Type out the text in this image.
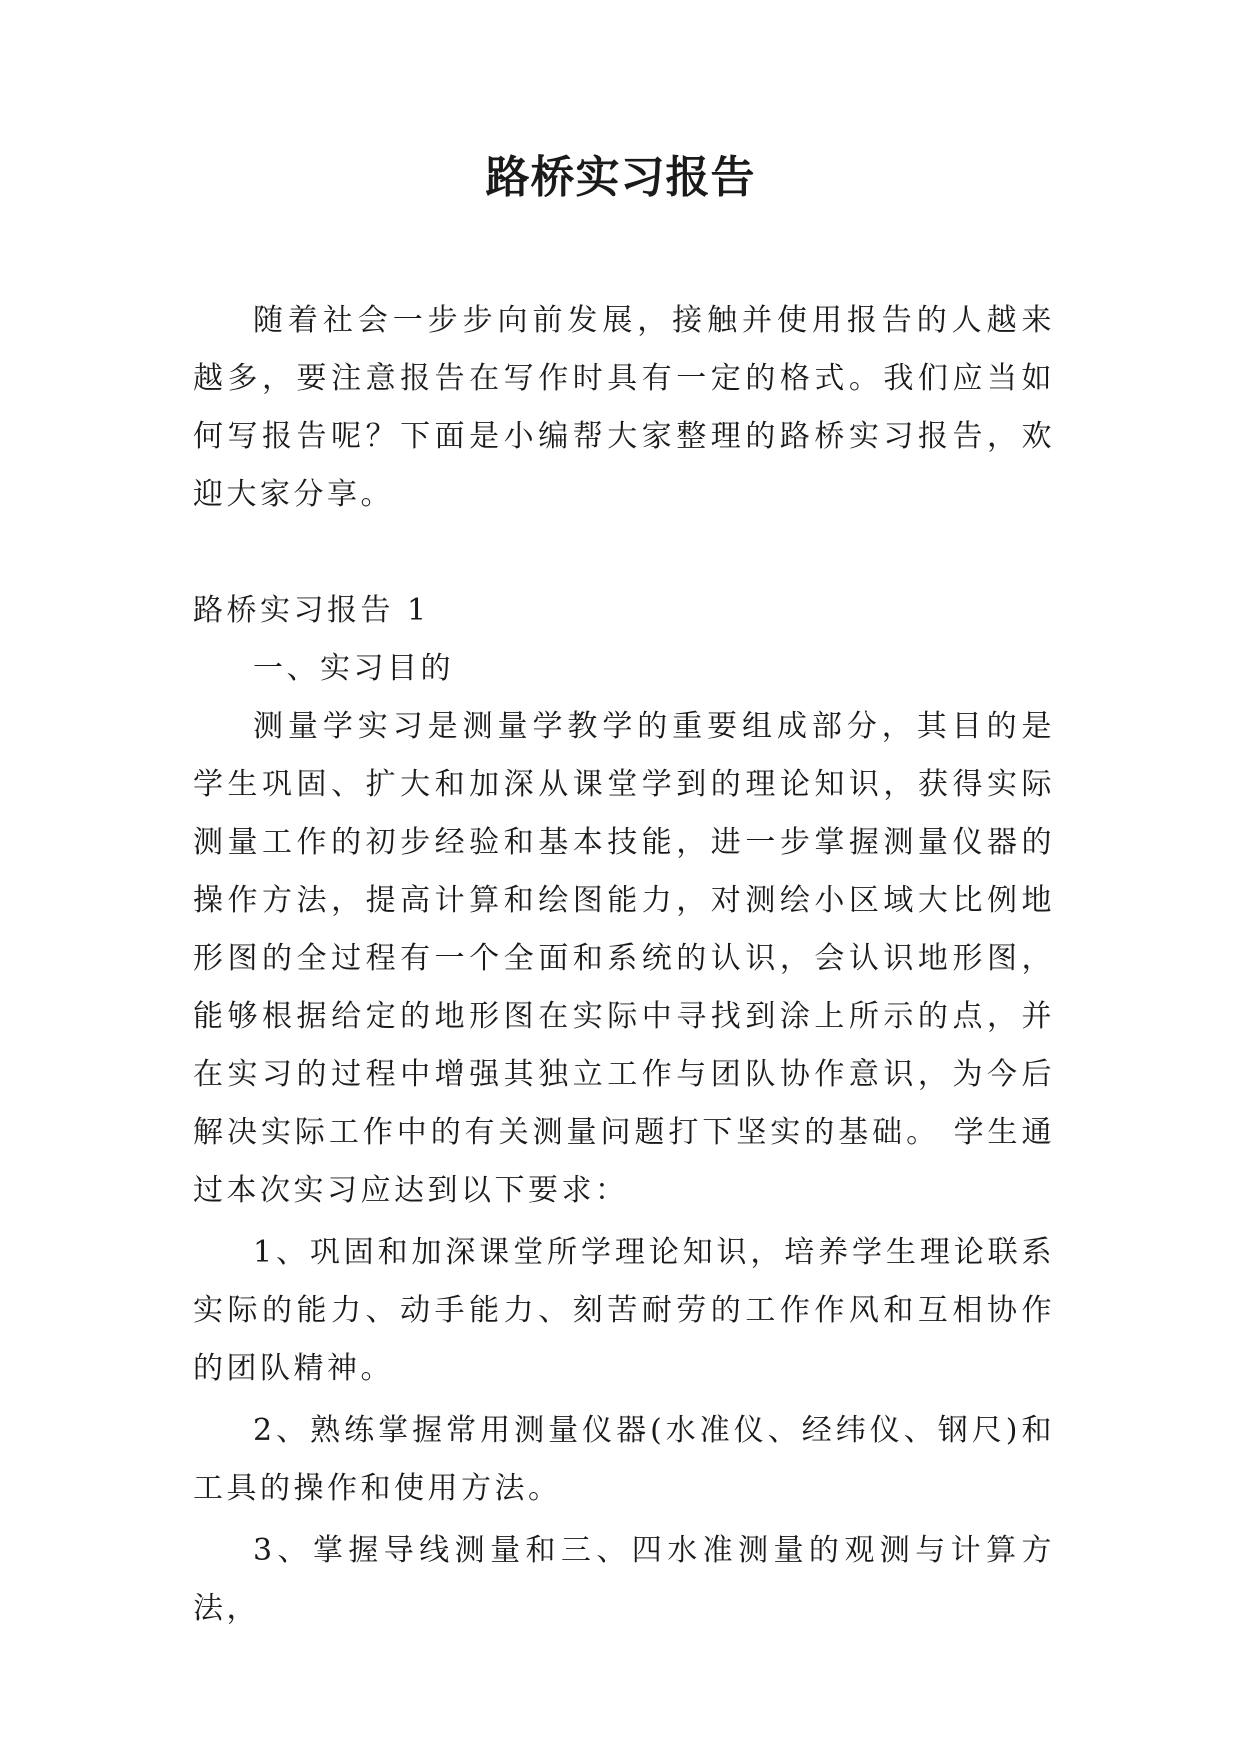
路桥实习报告

随着社会一步步向前发展，接触并使用报告的人越来越多，要注意报告在写作时具有一定的格式。我们应当如何写报告呢？下面是小编帮大家整理的路桥实习报告，欢迎大家分享。

路桥实习报告 1

一、实习目的

测量学实习是测量学教学的重要组成部分，其目的是学生巩固、扩大和加深从课堂学到的理论知识，获得实际测量工作的初步经验和基本技能，进一步掌握测量仪器的操作方法，提高计算和绘图能力，对测绘小区域大比例地形图的全过程有一个全面和系统的认识，会认识地形图，能够根据给定的地形图在实际中寻找到涂上所示的点，并在实习的过程中增强其独立工作与团队协作意识，为今后解决实际工作中的有关测量问题打下坚实的基础。 学生通过本次实习应达到以下要求：

1、巩固和加深课堂所学理论知识，培养学生理论联系实际的能力、动手能力、刻苦耐劳的工作作风和互相协作的团队精神。

2、熟练掌握常用测量仪器(水准仪、经纬仪、钢尺)和工具的操作和使用方法。

3、掌握导线测量和三、四水准测量的观测与计算方法，
